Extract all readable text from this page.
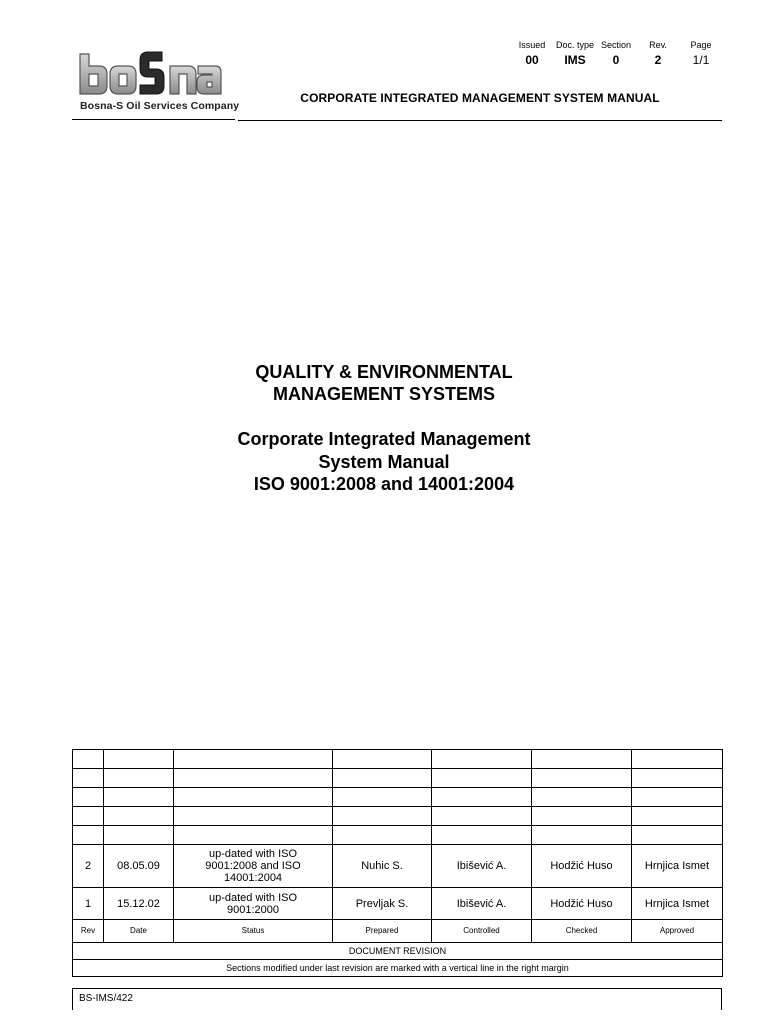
Bosna-S Oil Services Company
Issued
00
Doc. type
IMS
Section
0
Rev.
2
Page
1/1
CORPORATE INTEGRATED MANAGEMENT SYSTEM MANUAL
QUALITY & ENVIRONMENTAL
MANAGEMENT SYSTEMS
Corporate Integrated Management
System Manual
ISO 9001:2008 and 14001:2004

2	08.05.09	up-dated with ISO
9001:2008 and ISO
14001:2004	Nuhic S.	Ibišević A.	Hodžić Huso	Hrnjica Ismet
1	15.12.02	up-dated with ISO
9001:2000	Prevljak S.	Ibišević A.	Hodžić Huso	Hrnjica Ismet
Rev	Date	Status	Prepared	Controlled	Checked	Approved
DOCUMENT REVISION						
Sections modified under last revision are marked with a vertical line in the right margin						
BS-IMS/422
